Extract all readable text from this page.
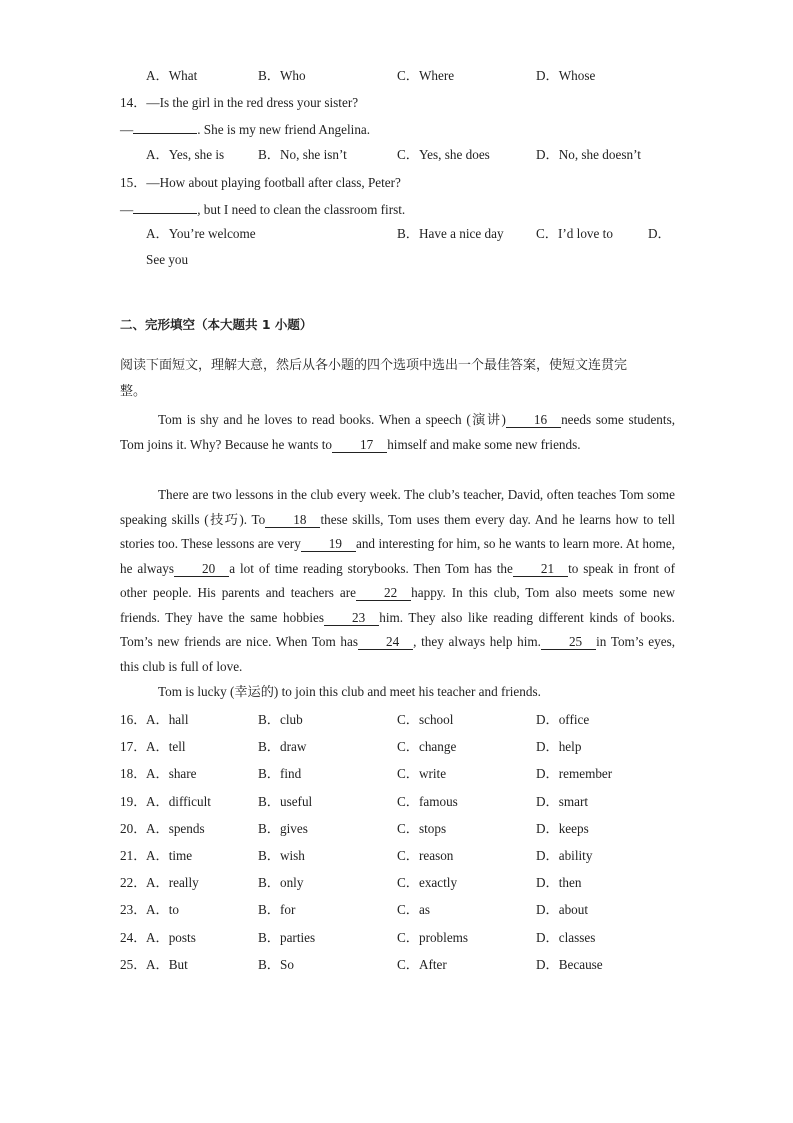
A．What	B．Who	C．Where	D．Whose
14．—Is the girl in the red dress your sister?
—	. She is my new friend Angelina.
A．Yes, she is	B．No, she isn’t	C．Yes, she does	D．No, she doesn’t
15．—How about playing football after class, Peter?
—	, but I need to clean the classroom first.
A．You’re welcome	B．Have a nice day C．I’d love to	D．
See you
二、完形填空（本大题共 1 小题）
阅读下面短文，理解大意，然后从各小题的四个选项中选出一个最佳答案，使短文连贯完
整。
Tom is shy and he loves to read books. When a speech (演讲) 16 needs some students, Tom joins it. Why? Because he wants to 17 himself and make some new friends.
There are two lessons in the club every week. The club’s teacher, David, often teaches Tom some speaking skills (技巧). To 18 these skills, Tom uses them every day. And he learns how to tell stories too. These lessons are very 19 and interesting for him, so he wants to learn more. At home, he always 20 a lot of time reading storybooks. Then Tom has the 21 to speak in front of other people. His parents and teachers are 22 happy. In this club, Tom also meets some new friends. They have the same hobbies 23 him. They also like reading different kinds of books. Tom’s new friends are nice. When Tom has 24 , they always help him. 25 in Tom’s eyes, this club is full of love.
Tom is lucky (幸运的) to join this club and meet his teacher and friends.
16． A．hall	B．club	C．school	D．office
17． A．tell	B．draw	C．change	D．help
18． A．share	B．find	C．write	D．remember
19． A．difficult	B．useful	C．famous	D．smart
20． A．spends	B．gives	C．stops	D．keeps
21． A．time	B．wish	C．reason	D．ability
22． A．really	B．only	C．exactly	D．then
23． A．to	B．for	C．as	D．about
24． A．posts	B．parties	C．problems	D．classes
25． A．But	B．So	C．After	D．Because
